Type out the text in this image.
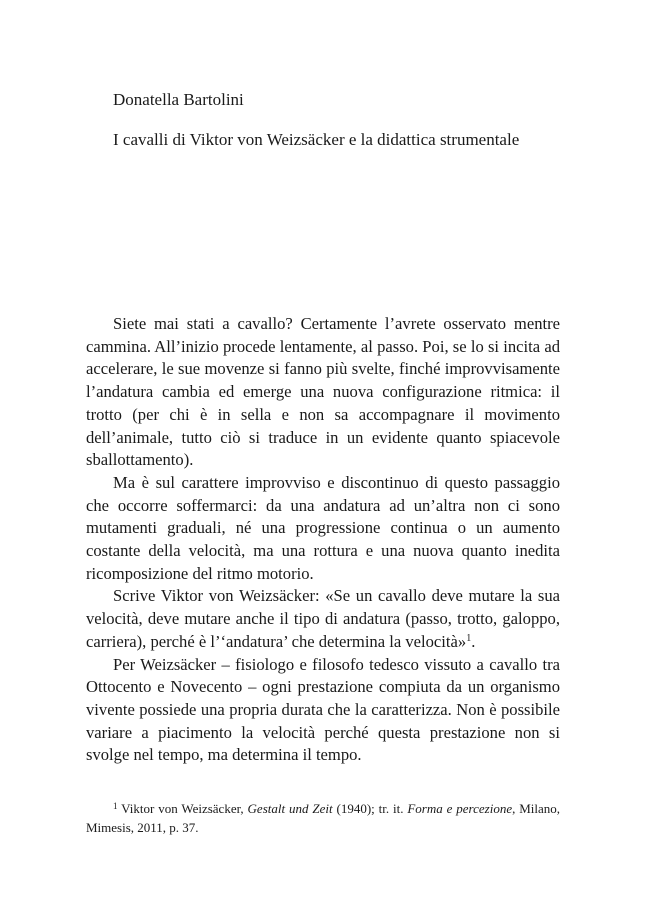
Donatella Bartolini
I cavalli di Viktor von Weizsäcker e la didattica strumentale

Siete mai stati a cavallo? Certamente l’avrete osservato mentre cammina. All’inizio procede lentamente, al passo. Poi, se lo si incita ad accelerare, le sue movenze si fanno più svelte, finché improvvisamente l’andatura cambia ed emerge una nuova configurazione ritmica: il trotto (per chi è in sella e non sa accompagnare il movimento dell’animale, tutto ciò si traduce in un evidente quanto spiacevole sballottamento).

Ma è sul carattere improvviso e discontinuo di questo passaggio che occorre soffermarci: da una andatura ad un’altra non ci sono mutamenti graduali, né una progressione continua o un aumento costante della velocità, ma una rottura e una nuova quanto inedita ricomposizione del ritmo motorio.

Scrive Viktor von Weizsäcker: «Se un cavallo deve mutare la sua velocità, deve mutare anche il tipo di andatura (passo, trotto, galoppo, carriera), perché è l’‘andatura’ che determina la velocità»$^1$.

Per Weizsäcker – fisiologo e filosofo tedesco vissuto a cavallo tra Ottocento e Novecento – ogni prestazione compiuta da un organismo vivente possiede una propria durata che la caratterizza. Non è possibile variare a piacimento la velocità perché questa prestazione non si svolge nel tempo, ma determina il tempo.

$^1$ Viktor von Weizsäcker, Gestalt und Zeit (1940); tr. it. Forma e percezione, Milano, Mimesis, 2011, p. 37.
